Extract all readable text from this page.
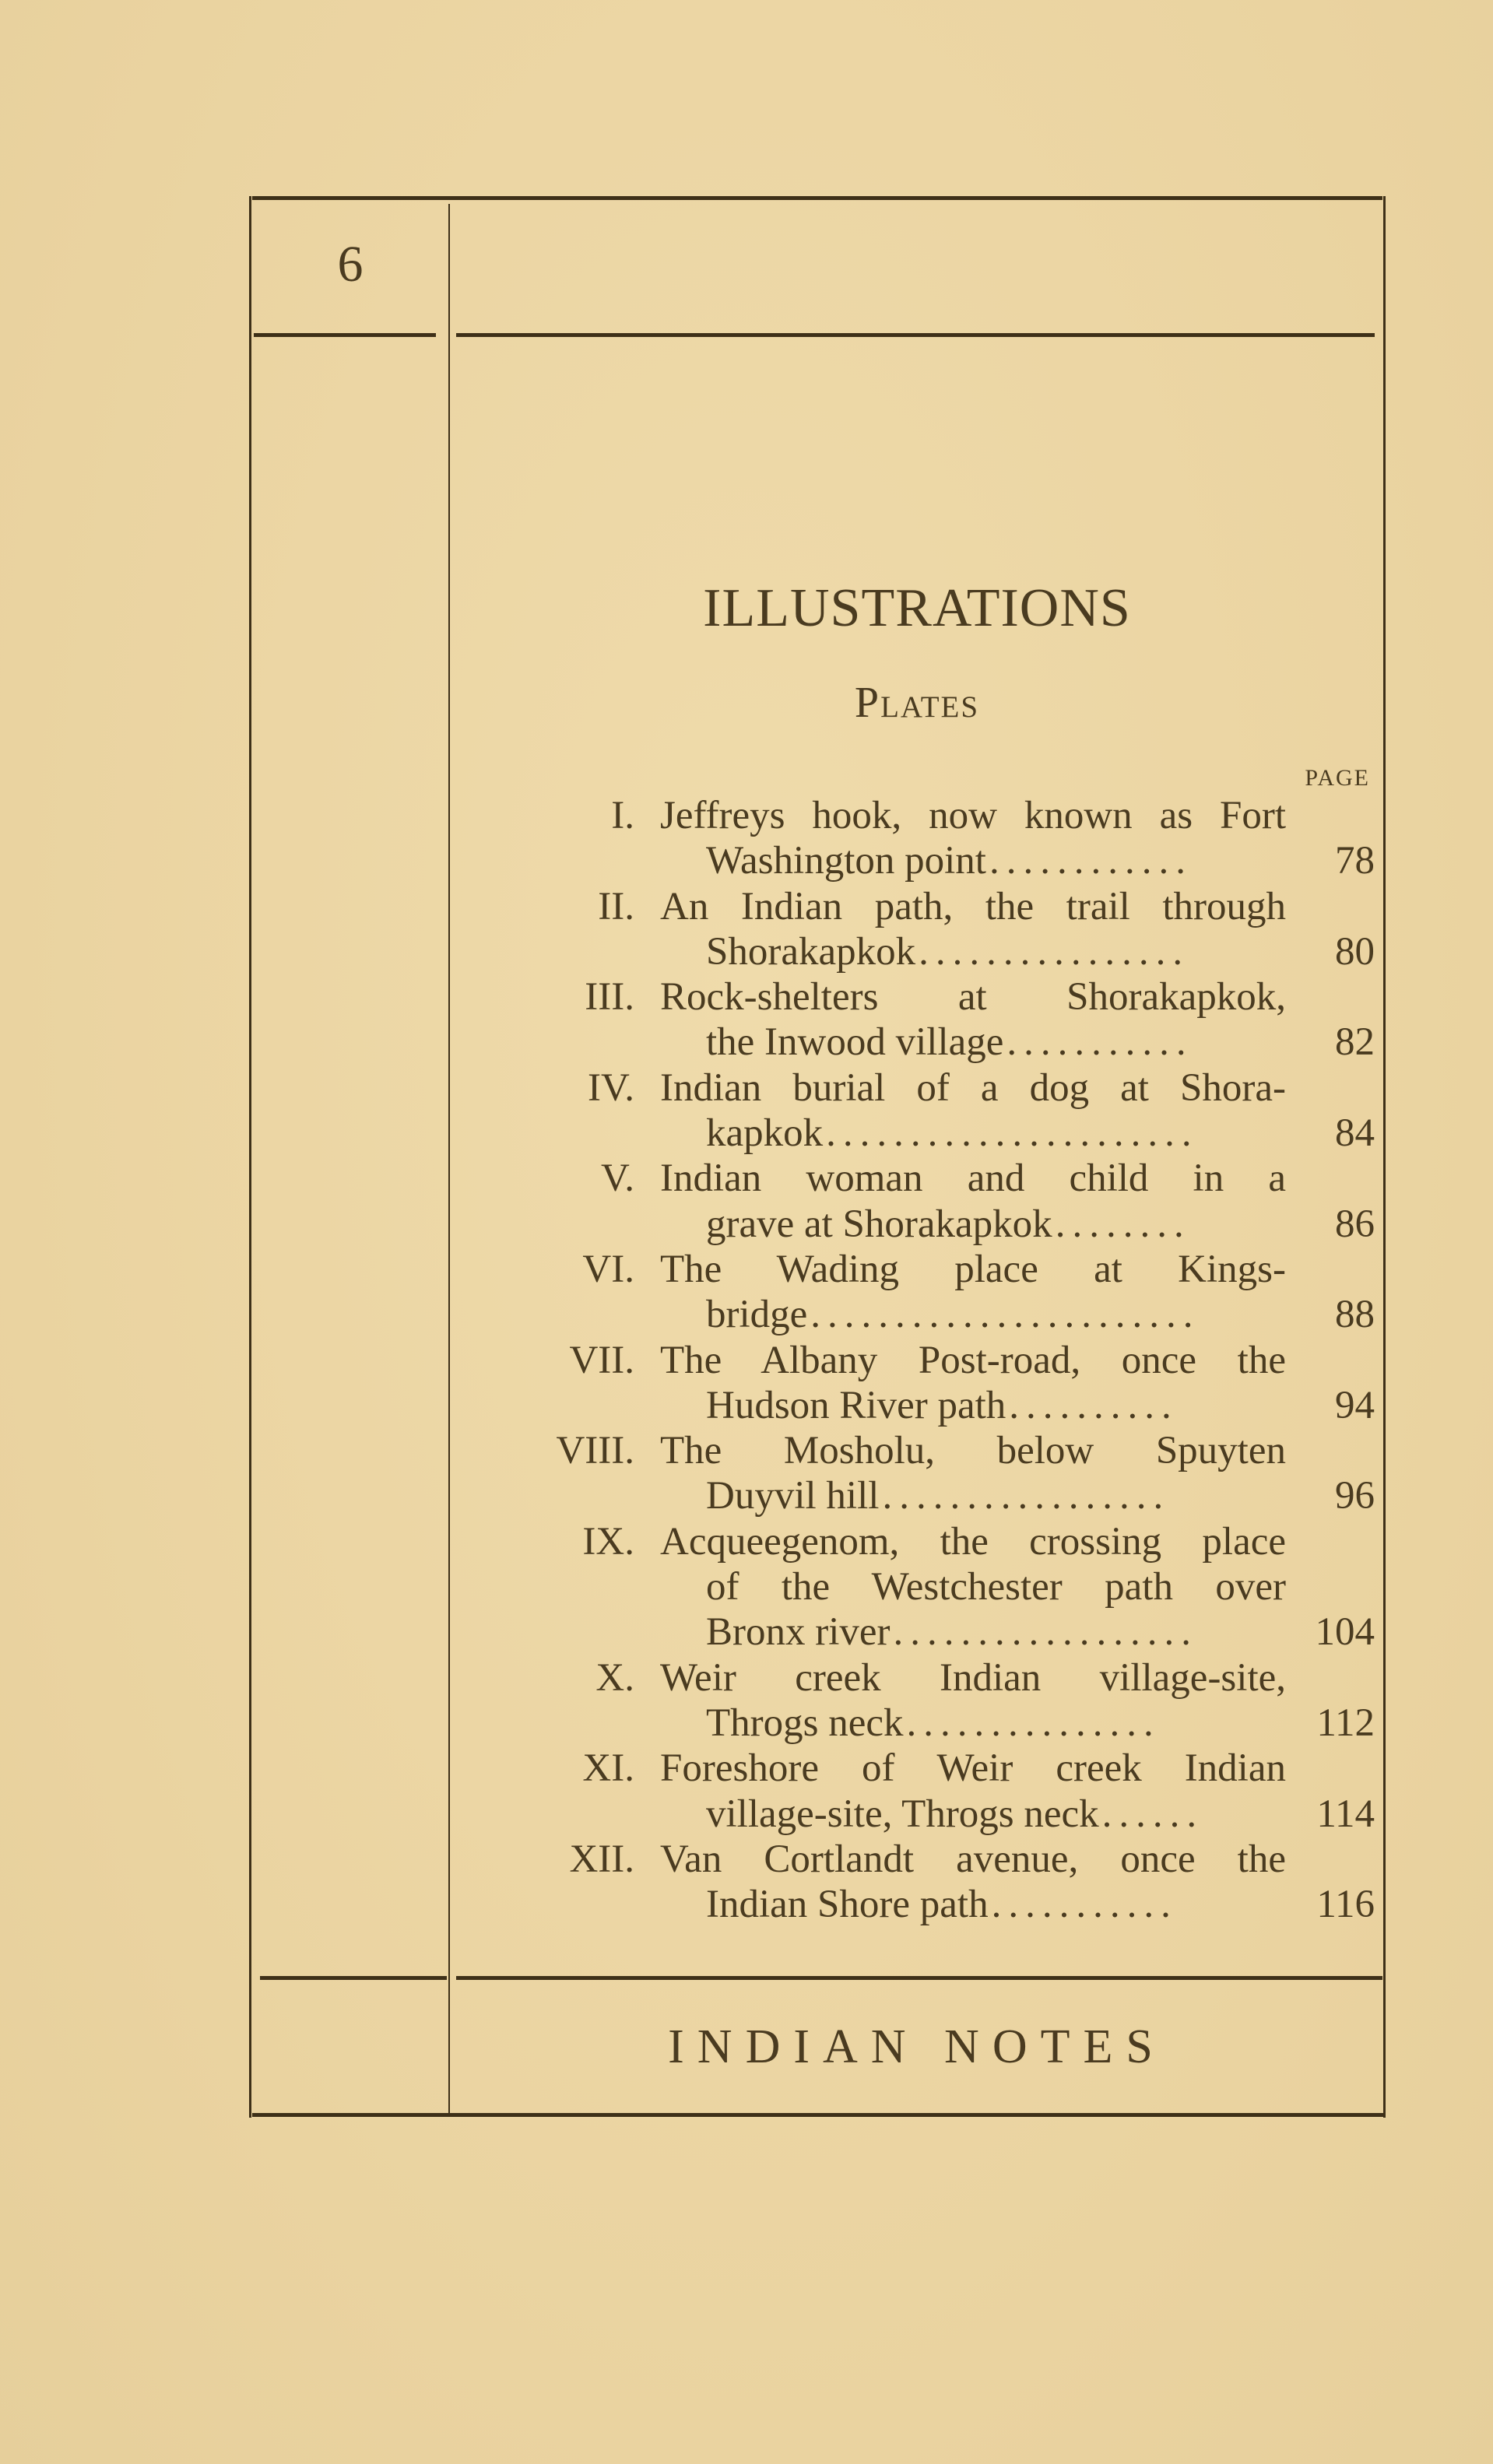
6
ILLUSTRATIONS
Plates
PAGE
I. Jeffreys hook, now known as Fort
Washington point ............	78
II. An Indian path, the trail through
Shorakapkok ................	80
III. Rock-shelters at Shorakapkok,
the Inwood village ...........	82
IV. Indian burial of a dog at Shora-
kapkok ......................	84
V. Indian woman and child in a
grave at Shorakapkok ........	86
VI. The Wading place at Kings-
bridge .......................	88
VII. The Albany Post-road, once the
Hudson River path ..........	94
VIII. The Mosholu, below Spuyten
Duyvil hill .................	96
IX. Acqueegenom, the crossing place
of the Westchester path over
Bronx river ..................	104
X. Weir creek Indian village-site,
Throgs neck ...............	112
XI. Foreshore of Weir creek Indian
village-site, Throgs neck ......	114
XII. Van Cortlandt avenue, once the
Indian Shore path ...........	116
INDIAN NOTES
